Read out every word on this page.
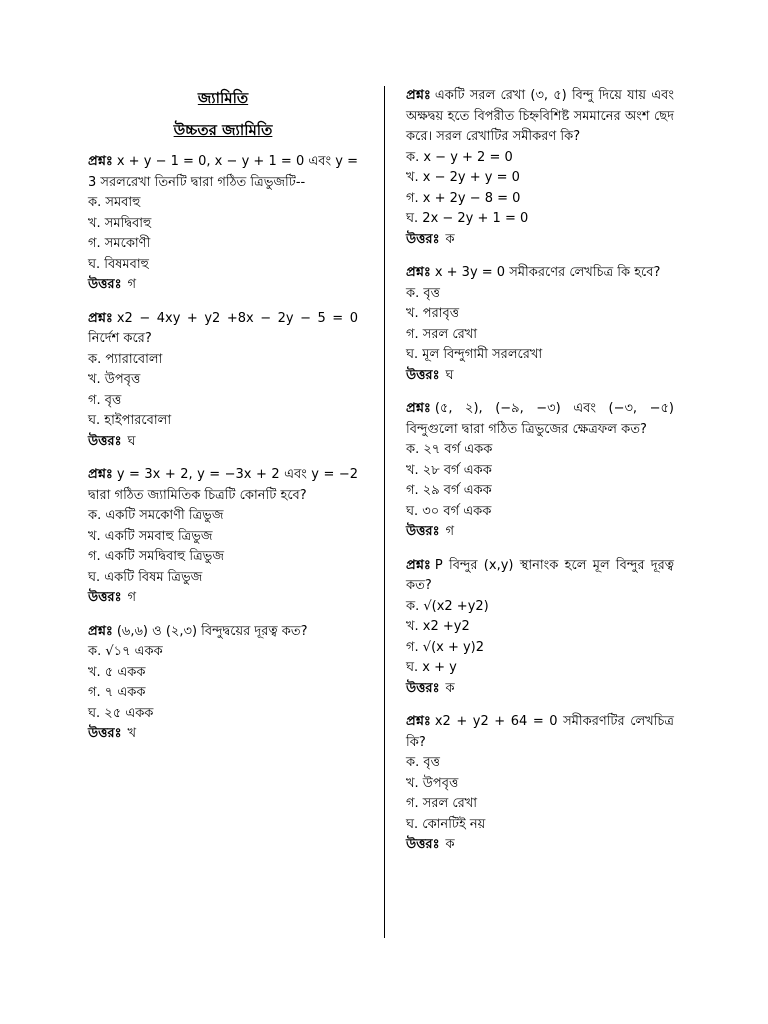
জ্যামিতি

উচ্চতর জ্যামিতি

প্রশ্নঃ x + y − 1 = 0, x − y + 1 = 0 এবং y = 3 সরলরেখা তিনটি দ্বারা গঠিত ত্রিভুজটি--

ক. সমবাহু

খ. সমদ্বিবাহু

গ. সমকোণী

ঘ. বিষমবাহু

উত্তরঃ গ

প্রশ্নঃ x2 − 4xy + y2 +8x − 2y − 5 = 0 নির্দেশ করে?

ক. প্যারাবোলা

খ. উপবৃত্ত

গ. বৃত্ত

ঘ. হাইপারবোলা

উত্তরঃ ঘ

প্রশ্নঃ y = 3x + 2, y = −3x + 2 এবং y = −2 দ্বারা গঠিত জ্যামিতিক চিত্রটি কোনটি হবে?

ক. একটি সমকোণী ত্রিভুজ

খ. একটি সমবাহু ত্রিভুজ

গ. একটি সমদ্বিবাহু ত্রিভুজ

ঘ. একটি বিষম ত্রিভুজ

উত্তরঃ গ

প্রশ্নঃ (৬,৬) ও (২,৩) বিন্দুদ্বয়ের দূরত্ব কত?

ক. √১৭ একক

খ. ৫ একক

গ. ৭ একক

ঘ. ২৫ একক

উত্তরঃ খ

প্রশ্নঃ একটি সরল রেখা (৩, ৫) বিন্দু দিয়ে যায় এবং অক্ষদ্বয় হতে বিপরীত চিহ্নবিশিষ্ট সমমানের অংশ ছেদ করে। সরল রেখাটির সমীকরণ কি?

ক. x − y + 2 = 0

খ. x − 2y + y = 0

গ. x + 2y − 8 = 0

ঘ. 2x − 2y + 1 = 0

উত্তরঃ ক

প্রশ্নঃ x + 3y = 0 সমীকরণের লেখচিত্র কি হবে?

ক. বৃত্ত

খ. পরাবৃত্ত

গ. সরল রেখা

ঘ. মূল বিন্দুগামী সরলরেখা

উত্তরঃ ঘ

প্রশ্নঃ (৫, ২), (−৯, −৩) এবং (−৩, −৫) বিন্দুগুলো দ্বারা গঠিত ত্রিভুজের ক্ষেত্রফল কত?

ক. ২৭ বর্গ একক

খ. ২৮ বর্গ একক

গ. ২৯ বর্গ একক

ঘ. ৩০ বর্গ একক

উত্তরঃ গ

প্রশ্নঃ P বিন্দুর (x,y) স্থানাংক হলে মূল বিন্দুর দূরত্ব কত?

ক. √(x2 +y2)

খ. x2 +y2

গ. √(x + y)2

ঘ. x + y

উত্তরঃ ক

প্রশ্নঃ x2 + y2 + 64 = 0 সমীকরণটির লেখচিত্র কি?

ক. বৃত্ত

খ. উপবৃত্ত

গ. সরল রেখা

ঘ. কোনটিই নয়

উত্তরঃ ক
